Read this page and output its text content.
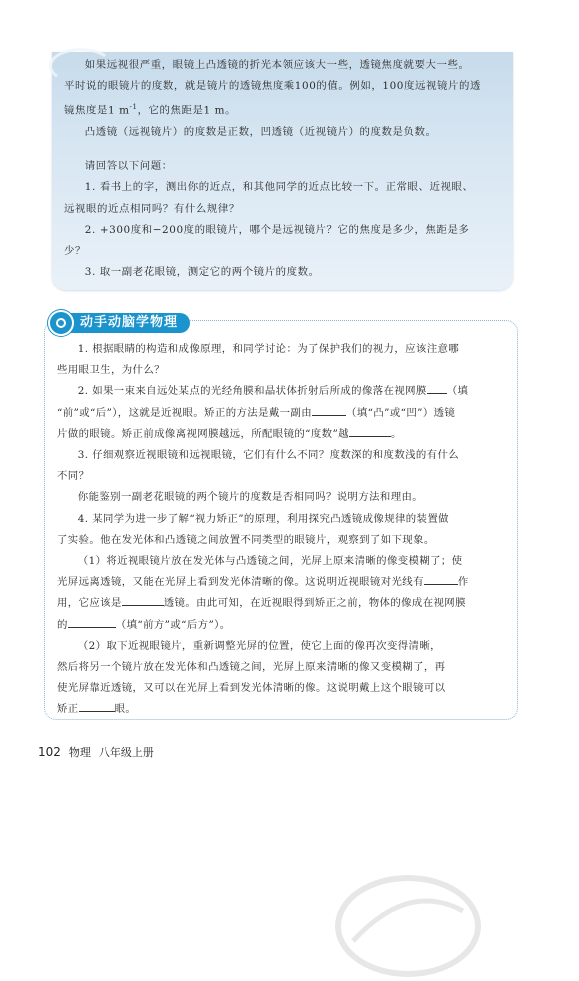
如果远视很严重，眼镜上凸透镜的折光本领应该大一些，透镜焦度就要大一些。

平时说的眼镜片的度数，就是镜片的透镜焦度乘100的值。例如，100度远视镜片的透

镜焦度是1 $m^{-1}$，它的焦距是1 m。

凸透镜（远视镜片）的度数是正数，凹透镜（近视镜片）的度数是负数。

请回答以下问题：

1. 看书上的字，测出你的近点，和其他同学的近点比较一下。正常眼、近视眼、

远视眼的近点相同吗？有什么规律？

2. +300度和−200度的眼镜片，哪个是远视镜片？它的焦度是多少，焦距是多

少？

3. 取一副老花眼镜，测定它的两个镜片的度数。

动手动脑学物理

1. 根据眼睛的构造和成像原理，和同学讨论：为了保护我们的视力，应该注意哪

些用眼卫生，为什么？

2. 如果一束来自远处某点的光经角膜和晶状体折射后所成的像落在视网膜 （填

“前”或“后”），这就是近视眼。矫正的方法是戴一副由	（填“凸”或“凹”）透镜

片做的眼镜。矫正前成像离视网膜越远，所配眼镜的“度数”越	。

3. 仔细观察近视眼镜和远视眼镜，它们有什么不同？度数深的和度数浅的有什么

不同？

你能鉴别一副老花眼镜的两个镜片的度数是否相同吗？说明方法和理由。

4. 某同学为进一步了解“视力矫正”的原理，利用探究凸透镜成像规律的装置做

了实验。他在发光体和凸透镜之间放置不同类型的眼镜片，观察到了如下现象。

（1）将近视眼镜片放在发光体与凸透镜之间，光屏上原来清晰的像变模糊了；使

光屏远离透镜，又能在光屏上看到发光体清晰的像。这说明近视眼镜对光线有	作

用，它应该是	透镜。由此可知，在近视眼得到矫正之前，物体的像成在视网膜

的	（填“前方”或“后方”）。

（2）取下近视眼镜片，重新调整光屏的位置，使它上面的像再次变得清晰，

然后将另一个镜片放在发光体和凸透镜之间，光屏上原来清晰的像又变模糊了，再

使光屏靠近透镜，又可以在光屏上看到发光体清晰的像。这说明戴上这个眼镜可以

矫正	眼。

102 物理 八年级上册
